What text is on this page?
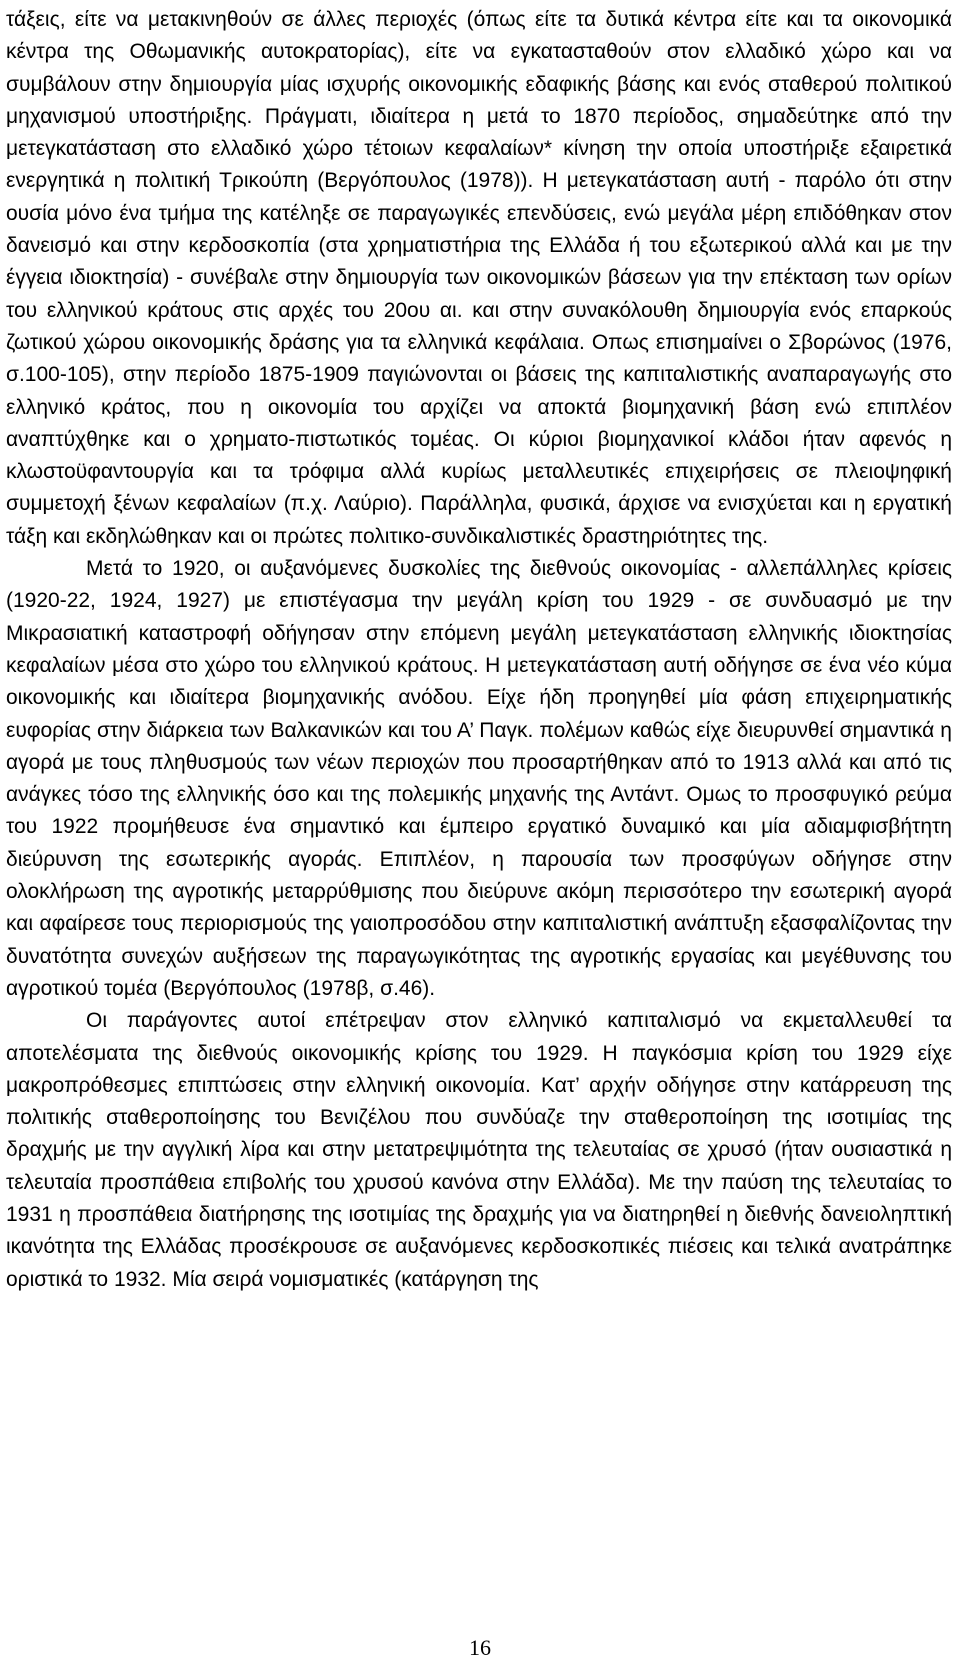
τάξεις, είτε να μετακινηθούν σε άλλες περιοχές (όπως είτε τα δυτικά κέντρα είτε και τα οικονομικά κέντρα της Οθωμανικής αυτοκρατορίας), είτε να εγκατασταθούν στον ελλαδικό χώρο και να συμβάλουν στην δημιουργία μίας ισχυρής οικονομικής εδαφικής βάσης και ενός σταθερού πολιτικού μηχανισμού υποστήριξης. Πράγματι, ιδιαίτερα η μετά το 1870 περίοδος, σημαδεύτηκε από την μετεγκατάσταση στο ελλαδικό χώρο τέτοιων κεφαλαίων* κίνηση την οποία υποστήριξε εξαιρετικά ενεργητικά η πολιτική Τρικούπη (Βεργόπουλος (1978)). Η μετεγκατάσταση αυτή - παρόλο ότι στην ουσία μόνο ένα τμήμα της κατέληξε σε παραγωγικές επενδύσεις, ενώ μεγάλα μέρη επιδόθηκαν στον δανεισμό και στην κερδοσκοπία (στα χρηματιστήρια της Ελλάδα ή του εξωτερικού αλλά και με την έγγεια ιδιοκτησία) - συνέβαλε στην δημιουργία των οικονομικών βάσεων για την επέκταση των ορίων του ελληνικού κράτους στις αρχές του 20ου αι. και στην συνακόλουθη δημιουργία ενός επαρκούς ζωτικού χώρου οικονομικής δράσης για τα ελληνικά κεφάλαια. Οπως επισημαίνει ο Σβορώνος (1976, σ.100-105), στην περίοδο 1875-1909 παγιώνονται οι βάσεις της καπιταλιστικής αναπαραγωγής στο ελληνικό κράτος, που η οικονομία του αρχίζει να αποκτά βιομηχανική βάση ενώ επιπλέον αναπτύχθηκε και ο χρηματο-πιστωτικός τομέας. Οι κύριοι βιομηχανικοί κλάδοι ήταν αφενός η κλωστοϋφαντουργία και τα τρόφιμα αλλά κυρίως μεταλλευτικές επιχειρήσεις σε πλειοψηφική συμμετοχή ξένων κεφαλαίων (π.χ. Λαύριο). Παράλληλα, φυσικά, άρχισε να ενισχύεται και η εργατική τάξη και εκδηλώθηκαν και οι πρώτες πολιτικο-συνδικαλιστικές δραστηριότητες της.

Μετά το 1920, οι αυξανόμενες δυσκολίες της διεθνούς οικονομίας - αλλεπάλληλες κρίσεις (1920-22, 1924, 1927) με επιστέγασμα την μεγάλη κρίση του 1929 - σε συνδυασμό με την Μικρασιατική καταστροφή οδήγησαν στην επόμενη μεγάλη μετεγκατάσταση ελληνικής ιδιοκτησίας κεφαλαίων μέσα στο χώρο του ελληνικού κράτους. Η μετεγκατάσταση αυτή οδήγησε σε ένα νέο κύμα οικονομικής και ιδιαίτερα βιομηχανικής ανόδου. Είχε ήδη προηγηθεί μία φάση επιχειρηματικής ευφορίας στην διάρκεια των Βαλκανικών και του Α’ Παγκ. πολέμων καθώς είχε διευρυνθεί σημαντικά η αγορά με τους πληθυσμούς των νέων περιοχών που προσαρτήθηκαν από το 1913 αλλά και από τις ανάγκες τόσο της ελληνικής όσο και της πολεμικής μηχανής της Αντάντ. Ομως το προσφυγικό ρεύμα του 1922 προμήθευσε ένα σημαντικό και έμπειρο εργατικό δυναμικό και μία αδιαμφισβήτητη διεύρυνση της εσωτερικής αγοράς. Επιπλέον, η παρουσία των προσφύγων οδήγησε στην ολοκλήρωση της αγροτικής μεταρρύθμισης που διεύρυνε ακόμη περισσότερο την εσωτερική αγορά και αφαίρεσε τους περιορισμούς της γαιοπροσόδου στην καπιταλιστική ανάπτυξη εξασφαλίζοντας την δυνατότητα συνεχών αυξήσεων της παραγωγικότητας της αγροτικής εργασίας και μεγέθυνσης του αγροτικού τομέα (Βεργόπουλος (1978β, σ.46).

Οι παράγοντες αυτοί επέτρεψαν στον ελληνικό καπιταλισμό να εκμεταλλευθεί τα αποτελέσματα της διεθνούς οικονομικής κρίσης του 1929. Η παγκόσμια κρίση του 1929 είχε μακροπρόθεσμες επιπτώσεις στην ελληνική οικονομία. Κατ’ αρχήν οδήγησε στην κατάρρευση της πολιτικής σταθεροποίησης του Βενιζέλου που συνδύαζε την σταθεροποίηση της ισοτιμίας της δραχμής με την αγγλική λίρα και στην μετατρεψιμότητα της τελευταίας σε χρυσό (ήταν ουσιαστικά η τελευταία προσπάθεια επιβολής του χρυσού κανόνα στην Ελλάδα). Με την παύση της τελευταίας το 1931 η προσπάθεια διατήρησης της ισοτιμίας της δραχμής για να διατηρηθεί η διεθνής δανειοληπτική ικανότητα της Ελλάδας προσέκρουσε σε αυξανόμενες κερδοσκοπικές πιέσεις και τελικά ανατράπηκε οριστικά το 1932. Μία σειρά νομισματικές (κατάργηση της

16
